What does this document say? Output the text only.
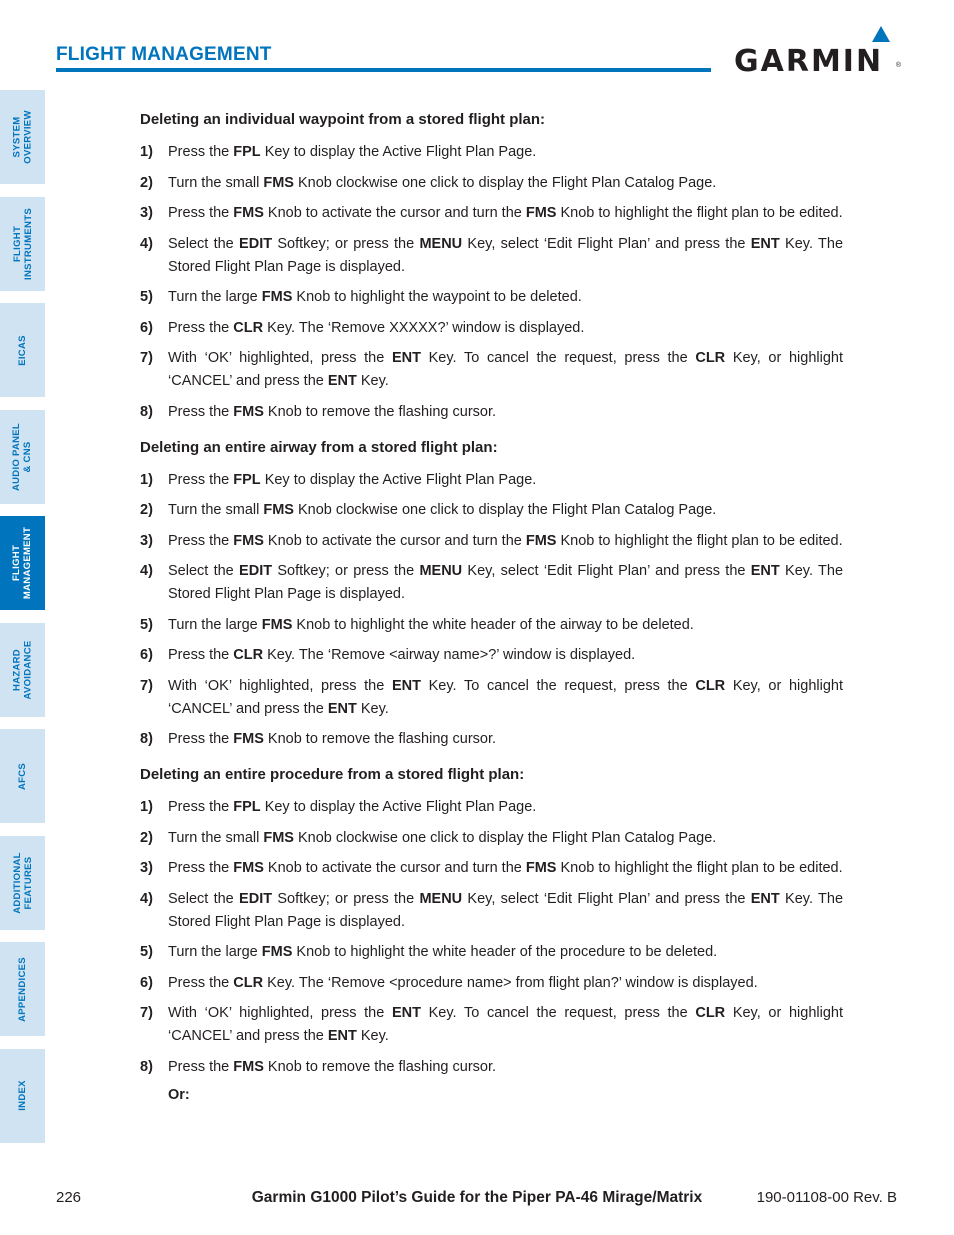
FLIGHT MANAGEMENT	GARMIN ®
SYSTEM
OVERVIEW
FLIGHT
INSTRUMENTS
EICAS
AUDIO PANEL
& CNS
FLIGHT
MANAGEMENT
HAZARD
AVOIDANCE
AFCS
ADDITIONAL
FEATURES
APPENDICES
INDEX
Deleting an individual waypoint from a stored flight plan:
1)	Press the FPL Key to display the Active Flight Plan Page.
2)	Turn the small FMS Knob clockwise one click to display the Flight Plan Catalog Page.
3)	Press the FMS Knob to activate the cursor and turn the FMS Knob to highlight the flight plan to be edited.
4)	Select the EDIT Softkey; or press the MENU Key, select ‘Edit Flight Plan’ and press the ENT Key. The Stored Flight Plan Page is displayed.
5)	Turn the large FMS Knob to highlight the waypoint to be deleted.
6)	Press the CLR Key. The ‘Remove XXXXX?’ window is displayed.
7)	With ‘OK’ highlighted, press the ENT Key. To cancel the request, press the CLR Key, or highlight ‘CANCEL’ and press the ENT Key.
8)	Press the FMS Knob to remove the flashing cursor.
Deleting an entire airway from a stored flight plan:
1)	Press the FPL Key to display the Active Flight Plan Page.
2)	Turn the small FMS Knob clockwise one click to display the Flight Plan Catalog Page.
3)	Press the FMS Knob to activate the cursor and turn the FMS Knob to highlight the flight plan to be edited.
4)	Select the EDIT Softkey; or press the MENU Key, select ‘Edit Flight Plan’ and press the ENT Key. The Stored Flight Plan Page is displayed.
5)	Turn the large FMS Knob to highlight the white header of the airway to be deleted.
6)	Press the CLR Key. The ‘Remove <airway name>?’ window is displayed.
7)	With ‘OK’ highlighted, press the ENT Key. To cancel the request, press the CLR Key, or highlight ‘CANCEL’ and press the ENT Key.
8)	Press the FMS Knob to remove the flashing cursor.
Deleting an entire procedure from a stored flight plan:
1)	Press the FPL Key to display the Active Flight Plan Page.
2)	Turn the small FMS Knob clockwise one click to display the Flight Plan Catalog Page.
3)	Press the FMS Knob to activate the cursor and turn the FMS Knob to highlight the flight plan to be edited.
4)	Select the EDIT Softkey; or press the MENU Key, select ‘Edit Flight Plan’ and press the ENT Key. The Stored Flight Plan Page is displayed.
5)	Turn the large FMS Knob to highlight the white header of the procedure to be deleted.
6)	Press the CLR Key. The ‘Remove <procedure name> from flight plan?’ window is displayed.
7)	With ‘OK’ highlighted, press the ENT Key. To cancel the request, press the CLR Key, or highlight ‘CANCEL’ and press the ENT Key.
8)	Press the FMS Knob to remove the flashing cursor.
Or:
226	Garmin G1000 Pilot’s Guide for the Piper PA-46 Mirage/Matrix	190-01108-00 Rev. B
